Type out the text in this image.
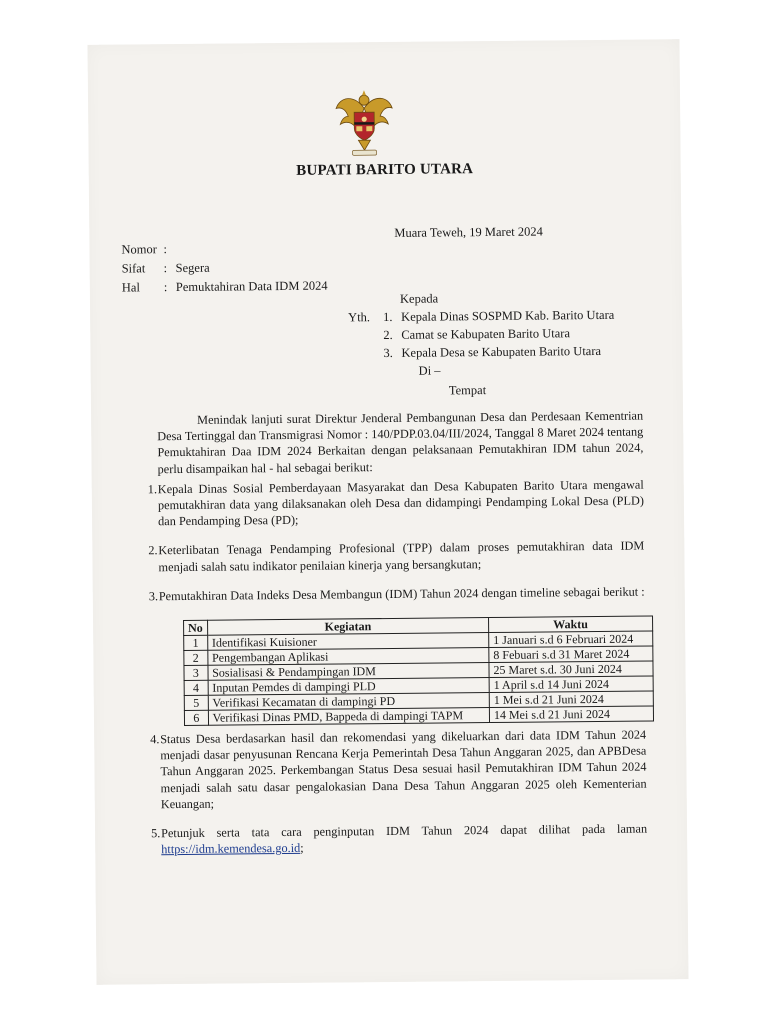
BUPATI BARITO UTARA
Muara Teweh, 19 Maret 2024
Nomor :
Sifat	: Segera
Hal	: Pemuktahiran Data IDM 2024
Kepada
Yth.	1. Kepala Dinas SOSPMD Kab. Barito Utara
2. Camat se Kabupaten Barito Utara
3. Kepala Desa se Kabupaten Barito Utara
Di –
Tempat

Menindak lanjuti surat Direktur Jenderal Pembangunan Desa dan Perdesaan Kementrian Desa Tertinggal dan Transmigrasi Nomor : 140/PDP.03.04/III/2024, Tanggal 8 Maret 2024 tentang Pemuktahiran Daa IDM 2024 Berkaitan dengan pelaksanaan Pemutakhiran IDM tahun 2024, perlu disampaikan hal - hal sebagai berikut:

1. Kepala Dinas Sosial Pemberdayaan Masyarakat dan Desa Kabupaten Barito Utara mengawal pemutakhiran data yang dilaksanakan oleh Desa dan didampingi Pendamping Lokal Desa (PLD) dan Pendamping Desa (PD);
2. Keterlibatan Tenaga Pendamping Profesional (TPP) dalam proses pemutakhiran data IDM menjadi salah satu indikator penilaian kinerja yang bersangkutan;
3. Pemutakhiran Data Indeks Desa Membangun (IDM) Tahun 2024 dengan timeline sebagai berikut :
4. Status Desa berdasarkan hasil dan rekomendasi yang dikeluarkan dari data IDM Tahun 2024 menjadi dasar penyusunan Rencana Kerja Pemerintah Desa Tahun Anggaran 2025, dan APBDesa Tahun Anggaran 2025. Perkembangan Status Desa sesuai hasil Pemutakhiran IDM Tahun 2024 menjadi salah satu dasar pengalokasian Dana Desa Tahun Anggaran 2025 oleh Kementerian Keuangan;
5. Petunjuk serta tata cara penginputan IDM Tahun 2024 dapat dilihat pada laman https://idm.kemendesa.go.id;
No	Kegiatan	Waktu
1	Identifikasi Kuisioner	1 Januari s.d 6 Februari 2024
2	Pengembangan Aplikasi	8 Febuari s.d 31 Maret 2024
3	Sosialisasi & Pendampingan IDM	25 Maret s.d. 30 Juni 2024
4	Inputan Pemdes di dampingi PLD	1 April s.d 14 Juni 2024
5	Verifikasi Kecamatan di dampingi PD	1 Mei s.d 21 Juni 2024
6	Verifikasi Dinas PMD, Bappeda di dampingi TAPM	14 Mei s.d 21 Juni 2024
